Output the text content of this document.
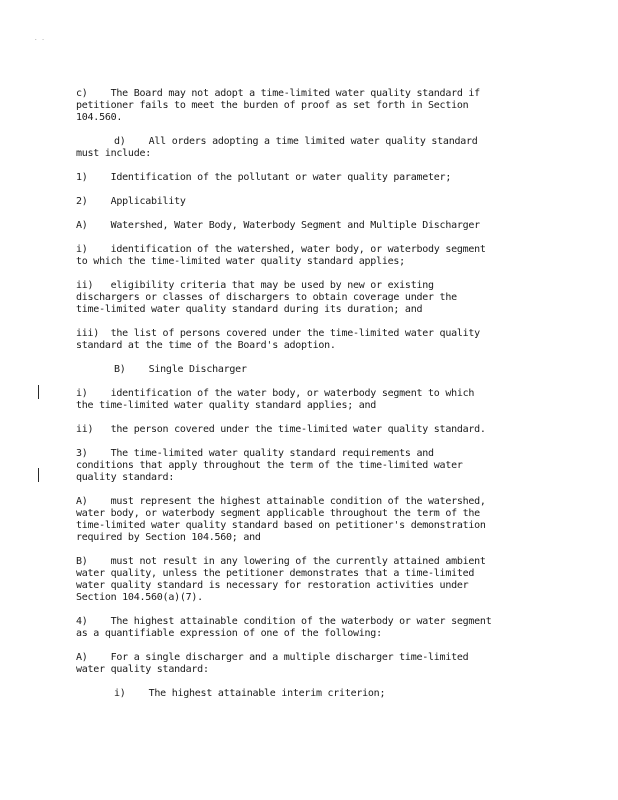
. .
c)    The Board may not adopt a time-limited water quality standard if
petitioner fails to meet the burden of proof as set forth in Section
104.560.
d)    All orders adopting a time limited water quality standard
must include:
1)    Identification of the pollutant or water quality parameter;
2)    Applicability
A)    Watershed, Water Body, Waterbody Segment and Multiple Discharger
i)    identification of the watershed, water body, or waterbody segment
to which the time-limited water quality standard applies;
ii)   eligibility criteria that may be used by new or existing
dischargers or classes of dischargers to obtain coverage under the
time-limited water quality standard during its duration; and
iii)  the list of persons covered under the time-limited water quality
standard at the time of the Board's adoption.
B)    Single Discharger
i)    identification of the water body, or waterbody segment to which
the time-limited water quality standard applies; and
ii)   the person covered under the time-limited water quality standard.
3)    The time-limited water quality standard requirements and
conditions that apply throughout the term of the time-limited water
quality standard:
A)    must represent the highest attainable condition of the watershed,
water body, or waterbody segment applicable throughout the term of the
time-limited water quality standard based on petitioner's demonstration
required by Section 104.560; and
B)    must not result in any lowering of the currently attained ambient
water quality, unless the petitioner demonstrates that a time-limited
water quality standard is necessary for restoration activities under
Section 104.560(a)(7).
4)    The highest attainable condition of the waterbody or water segment
as a quantifiable expression of one of the following:
A)    For a single discharger and a multiple discharger time-limited
water quality standard:
i)    The highest attainable interim criterion;
